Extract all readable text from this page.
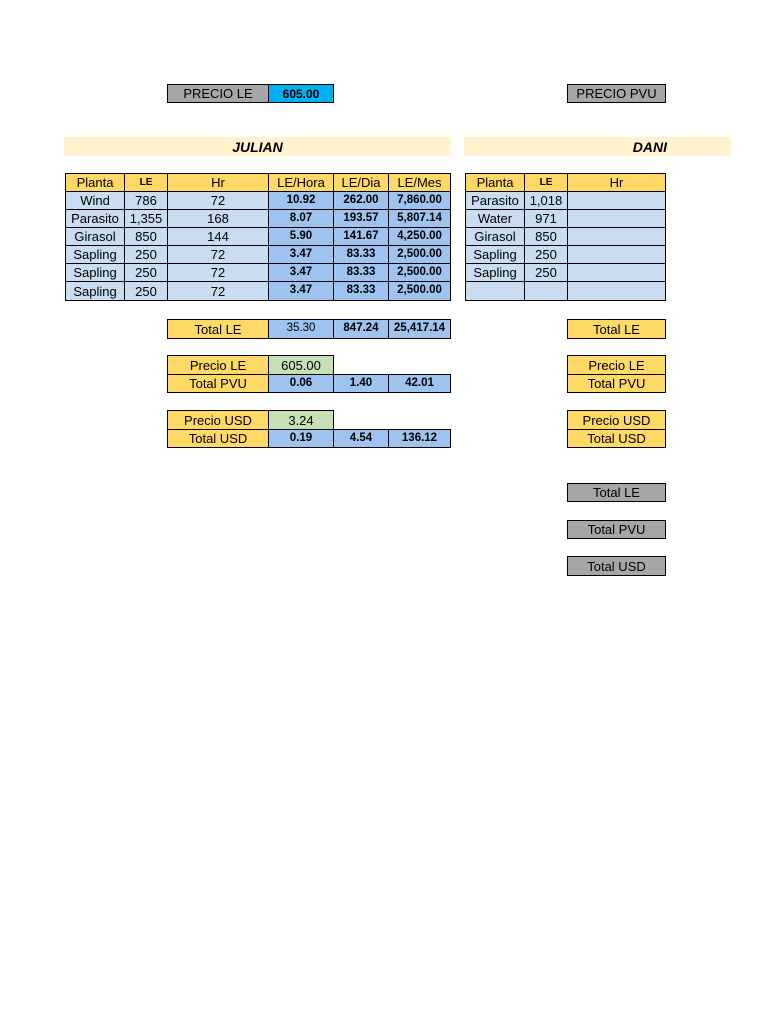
PRECIO LE	605.00	PRECIO PVU
JULIAN	DANI
Planta	LE	Hr	LE/Hora	LE/Dia	LE/Mes
Wind	786	72	10.92	262.00	7,860.00
Parasito 1,355	168	8.07	193.57	5,807.14
Girasol	850	144	5.90	141.67	4,250.00
Sapling	250	72	3.47	83.33	2,500.00
Sapling	250	72	3.47	83.33	2,500.00
Sapling	250	72	3.47	83.33	2,500.00
Total LE	35.30	847.24	25,417.14
Precio LE	605.00
Total PVU	0.06	1.40	42.01
Precio USD	3.24
Total USD	0.19	4.54	136.12
Planta	LE	Hr
Parasito 1,018
Water	971
Girasol	850
Sapling	250
Sapling	250
Total LE
Precio LE
Total PVU
Precio USD
Total USD
Total LE
Total PVU
Total USD
